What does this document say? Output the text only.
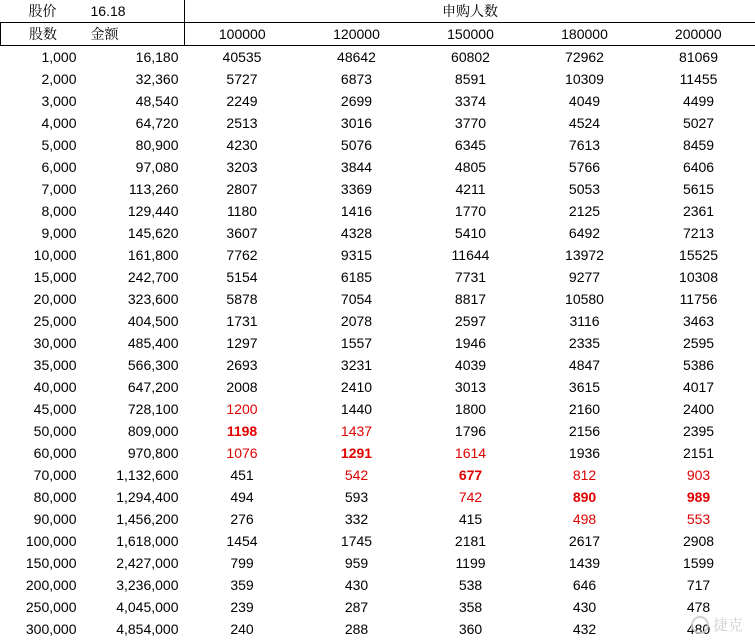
股价	16.18	申购人数				
股数	金额	100000	120000	150000	180000	200000
1,000	16,180	40535	48642	60802	72962	81069
2,000	32,360	5727	6873	8591	10309	11455
3,000	48,540	2249	2699	3374	4049	4499
4,000	64,720	2513	3016	3770	4524	5027
5,000	80,900	4230	5076	6345	7613	8459
6,000	97,080	3203	3844	4805	5766	6406
7,000	113,260	2807	3369	4211	5053	5615
8,000	129,440	1180	1416	1770	2125	2361
9,000	145,620	3607	4328	5410	6492	7213
10,000	161,800	7762	9315	11644	13972	15525
15,000	242,700	5154	6185	7731	9277	10308
20,000	323,600	5878	7054	8817	10580	11756
25,000	404,500	1731	2078	2597	3116	3463
30,000	485,400	1297	1557	1946	2335	2595
35,000	566,300	2693	3231	4039	4847	5386
40,000	647,200	2008	2410	3013	3615	4017
45,000	728,100	1200	1440	1800	2160	2400
50,000	809,000	1198	1437	1796	2156	2395
60,000	970,800	1076	1291	1614	1936	2151
70,000	1,132,600	451	542	677	812	903
80,000	1,294,400	494	593	742	890	989
90,000	1,456,200	276	332	415	498	553
100,000	1,618,000	1454	1745	2181	2617	2908
150,000	2,427,000	799	959	1199	1439	1599
200,000	3,236,000	359	430	538	646	717
250,000	4,045,000	239	287	358	430	478
300,000	4,854,000	240	288	360	432	480 捷克
